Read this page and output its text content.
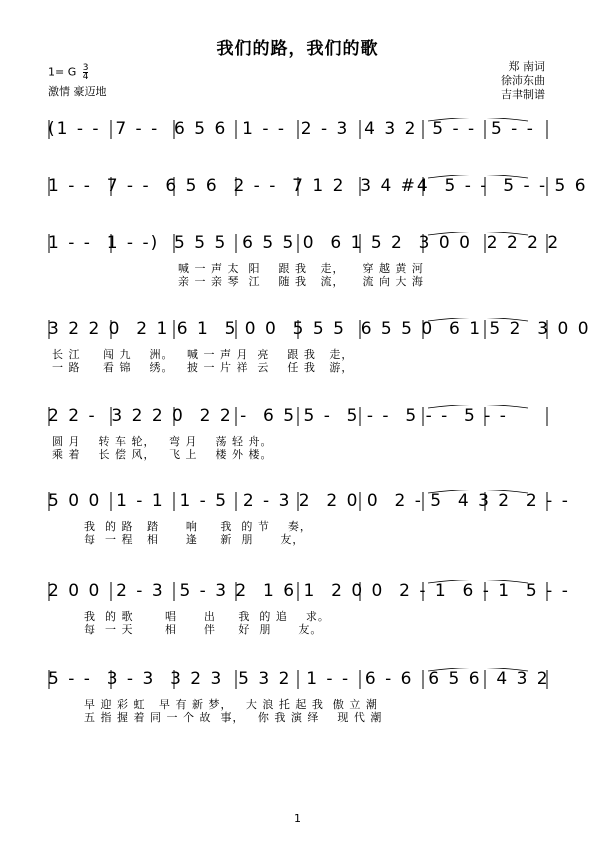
我们的路，我们的歌
1= G $\frac{3}{4}$
激情 豪迈地
郑 南词
徐沛东曲
吉聿制谱
(1 - -  7 - -  6 5 6  1 - -  2 - 3  4 3 2  5 - -  5 - -
1 - -  7 - -  6 5 6  2 - -  7 1 2  3 4 #4  5 - -  5 - - 5 6
1 - -  1 - -)  5 5 5  6 5 5 0  6 1 5 2  3 0 0  2 2 2 2
喊 一 声 太  阳    跟 我   走，    穿 越 黄 河
亲 一 亲 琴  江    随 我   流，    流 向 大 海
3 2 2 0  2 1 6 1  5 0 0  5 5 5  6 5 5 0  6 1 5 2  3 0 0
长 江     闯 九    洲。   喊 一 声 月  亮    跟 我   走，
一 路     看 锦    绣。   披 一 片 祥  云    任 我   游，
2 2 -  3 2 2 0  2 2 -  6 5 5 -  5 - -  5 - -  5 - -
圆 月    转 车 轮，   弯 月    荡 轻 舟。
乘 着    长 偿 风，   飞 上    楼 外 楼。
5 0 0  1 - 1  1 - 5  2 - 3 2  2 0 0  2 - 5  4 3 2  2 - -
我  的 路   踏      响     我  的 节    奏，
每  一 程   相      逢     新  朋      友，
2 0 0  2 - 3  5 - 3 2  1 6 1  2 0 0  2 - 1  6 - 1  5 - -
我  的 歌       唱      出     我  的 追    求。
每  一 天       相      伴     好  朋      友。
5 - -  3 - 3  3 2 3  5 3 2  1 - -  6 - 6  6 5 6  4 3 2
早 迎 彩 虹   早 有 新 梦，   大 浪 托 起 我  傲 立 潮
五 指 握 着 同 一 个 故  事，   你 我 演 绎    现 代 潮
1
